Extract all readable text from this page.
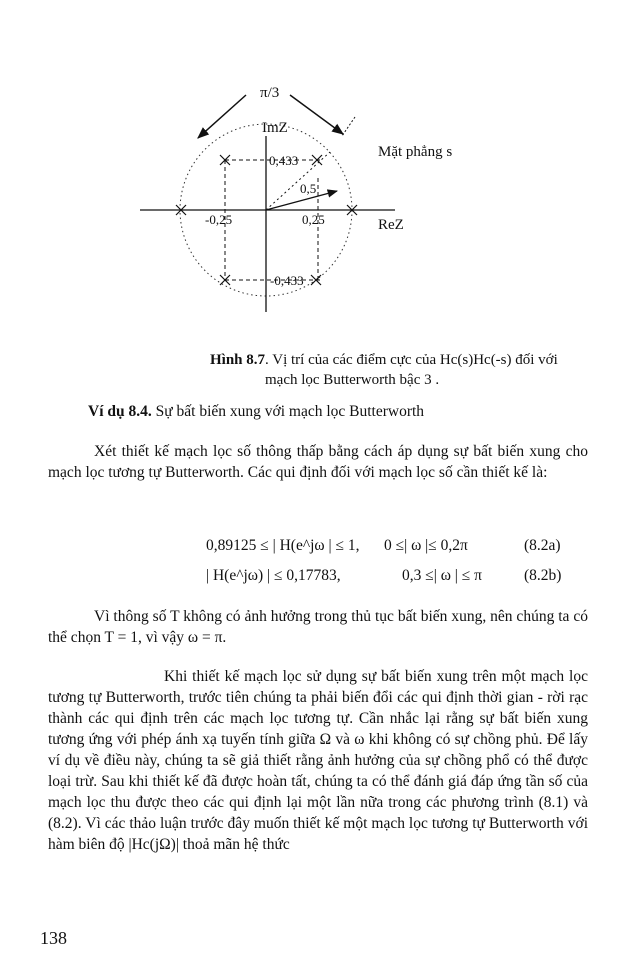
π/3
ImZ
Mặt phẳng s
0,433
0,5
-0,25	0,25	ReZ
-0,433
Hình 8.7. Vị trí của các điểm cực của Hc(s)Hc(-s) đối với
mạch lọc Butterworth bậc 3 .
Ví dụ 8.4. Sự bất biến xung với mạch lọc Butterworth
Xét thiết kế mạch lọc số thông thấp bằng cách áp dụng sự bất biến xung cho mạch lọc tương tự Butterworth. Các qui định đối với mạch lọc số cần thiết kế là:
0,89125 ≤ | H(e^jω | ≤ 1, 0 ≤| ω |≤ 0,2π	(8.2a)
| H(e^jω) | ≤ 0,17783,	0,3 ≤| ω | ≤ π	(8.2b)
Vì thông số T không có ảnh hưởng trong thủ tục bất biến xung, nên chúng ta có thể chọn T = 1, vì vậy ω = π.
Khi thiết kế mạch lọc sử dụng sự bất biến xung trên một mạch lọc tương tự Butterworth, trước tiên chúng ta phải biến đổi các qui định thời gian - rời rạc thành các qui định trên các mạch lọc tương tự. Cần nhắc lại rằng sự bất biến xung tương ứng với phép ánh xạ tuyến tính giữa Ω và ω khi không có sự chồng phủ. Để lấy ví dụ về điều này, chúng ta sẽ giả thiết rằng ảnh hưởng của sự chồng phổ có thể được loại trừ. Sau khi thiết kế đã được hoàn tất, chúng ta có thể đánh giá đáp ứng tần số của mạch lọc thu được theo các qui định lại một lần nữa trong các phương trình (8.1) và (8.2). Vì các thảo luận trước đây muốn thiết kế một mạch lọc tương tự Butterworth với hàm biên độ |Hc(jΩ)| thoả mãn hệ thức
138
